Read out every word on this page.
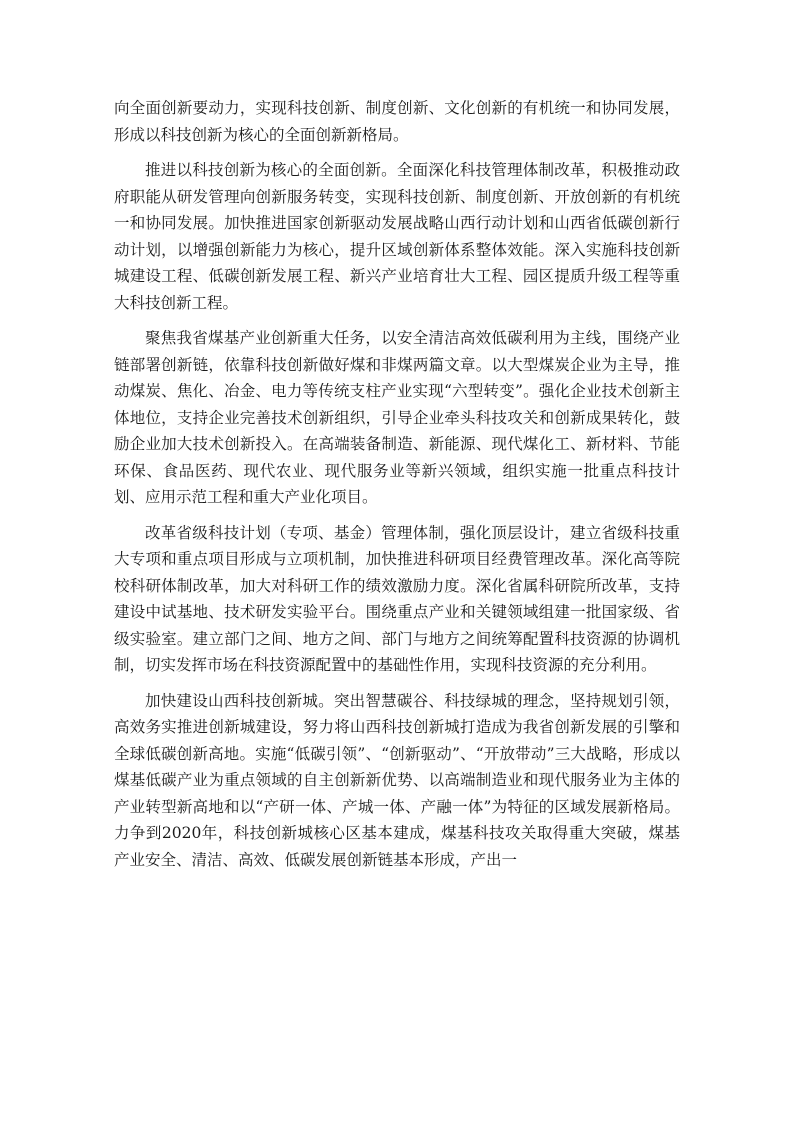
向全面创新要动力，实现科技创新、制度创新、文化创新的有机统一和协同发展，形成以科技创新为核心的全面创新新格局。

推进以科技创新为核心的全面创新。全面深化科技管理体制改革，积极推动政府职能从研发管理向创新服务转变，实现科技创新、制度创新、开放创新的有机统一和协同发展。加快推进国家创新驱动发展战略山西行动计划和山西省低碳创新行动计划，以增强创新能力为核心，提升区域创新体系整体效能。深入实施科技创新城建设工程、低碳创新发展工程、新兴产业培育壮大工程、园区提质升级工程等重大科技创新工程。

聚焦我省煤基产业创新重大任务，以安全清洁高效低碳利用为主线，围绕产业链部署创新链，依靠科技创新做好煤和非煤两篇文章。以大型煤炭企业为主导，推动煤炭、焦化、冶金、电力等传统支柱产业实现“六型转变”。强化企业技术创新主体地位，支持企业完善技术创新组织，引导企业牵头科技攻关和创新成果转化，鼓励企业加大技术创新投入。在高端装备制造、新能源、现代煤化工、新材料、节能环保、食品医药、现代农业、现代服务业等新兴领域，组织实施一批重点科技计划、应用示范工程和重大产业化项目。

改革省级科技计划（专项、基金）管理体制，强化顶层设计，建立省级科技重大专项和重点项目形成与立项机制，加快推进科研项目经费管理改革。深化高等院校科研体制改革，加大对科研工作的绩效激励力度。深化省属科研院所改革，支持建设中试基地、技术研发实验平台。围绕重点产业和关键领域组建一批国家级、省级实验室。建立部门之间、地方之间、部门与地方之间统筹配置科技资源的协调机制，切实发挥市场在科技资源配置中的基础性作用，实现科技资源的充分利用。

加快建设山西科技创新城。突出智慧碳谷、科技绿城的理念，坚持规划引领，高效务实推进创新城建设，努力将山西科技创新城打造成为我省创新发展的引擎和全球低碳创新高地。实施“低碳引领”、“创新驱动”、“开放带动”三大战略，形成以煤基低碳产业为重点领域的自主创新新优势、以高端制造业和现代服务业为主体的产业转型新高地和以“产研一体、产城一体、产融一体”为特征的区域发展新格局。力争到2020年，科技创新城核心区基本建成，煤基科技攻关取得重大突破，煤基产业安全、清洁、高效、低碳发展创新链基本形成，产出一
